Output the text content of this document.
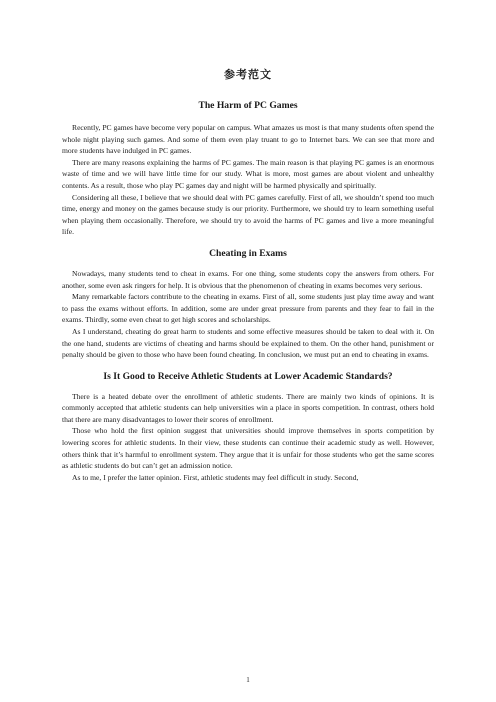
参考范文
The Harm of PC Games

Recently, PC games have become very popular on campus. What amazes us most is that many students often spend the whole night playing such games. And some of them even play truant to go to Internet bars. We can see that more and more students have indulged in PC games.

There are many reasons explaining the harms of PC games. The main reason is that playing PC games is an enormous waste of time and we will have little time for our study. What is more, most games are about violent and unhealthy contents. As a result, those who play PC games day and night will be harmed physically and spiritually.

Considering all these, I believe that we should deal with PC games carefully. First of all, we shouldn’t spend too much time, energy and money on the games because study is our priority. Furthermore, we should try to learn something useful when playing them occasionally. Therefore, we should try to avoid the harms of PC games and live a more meaningful life.

Cheating in Exams

Nowadays, many students tend to cheat in exams. For one thing, some students copy the answers from others. For another, some even ask ringers for help. It is obvious that the phenomenon of cheating in exams becomes very serious.

Many remarkable factors contribute to the cheating in exams. First of all, some students just play time away and want to pass the exams without efforts. In addition, some are under great pressure from parents and they fear to fail in the exams. Thirdly, some even cheat to get high scores and scholarships.

As I understand, cheating do great harm to students and some effective measures should be taken to deal with it. On the one hand, students are victims of cheating and harms should be explained to them. On the other hand, punishment or penalty should be given to those who have been found cheating. In conclusion, we must put an end to cheating in exams.

Is It Good to Receive Athletic Students at Lower Academic Standards?

There is a heated debate over the enrollment of athletic students. There are mainly two kinds of opinions. It is commonly accepted that athletic students can help universities win a place in sports competition. In contrast, others hold that there are many disadvantages to lower their scores of enrollment.

Those who hold the first opinion suggest that universities should improve themselves in sports competition by lowering scores for athletic students. In their view, these students can continue their academic study as well. However, others think that it’s harmful to enrollment system. They argue that it is unfair for those students who get the same scores as athletic students do but can’t get an admission notice.

As to me, I prefer the latter opinion. First, athletic students may feel difficult in study. Second,

1
